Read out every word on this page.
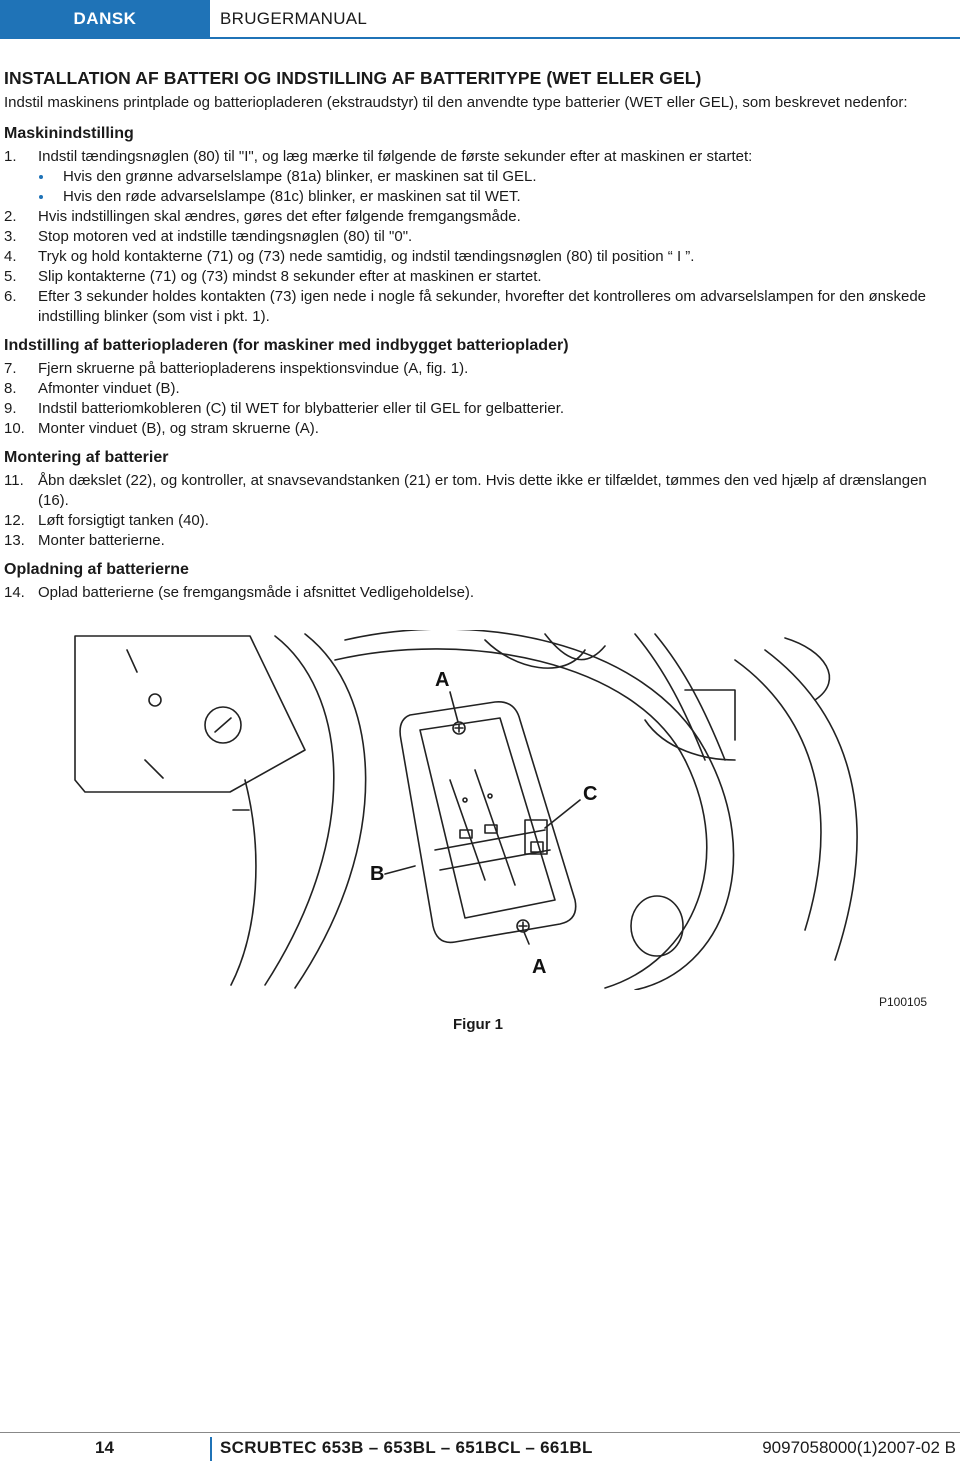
DANSK	BRUGERMANUAL
INSTALLATION AF BATTERI OG INDSTILLING AF BATTERITYPE (WET ELLER GEL)

Indstil maskinens printplade og batteriopladeren (ekstraudstyr) til den anvendte type batterier (WET eller GEL), som beskrevet nedenfor:

Maskinindstilling
1. Indstil tændingsnøglen (80) til "I", og læg mærke til følgende de første sekunder efter at maskinen er startet:
Hvis den grønne advarselslampe (81a) blinker, er maskinen sat til GEL.
Hvis den røde advarselslampe (81c) blinker, er maskinen sat til WET.
2. Hvis indstillingen skal ændres, gøres det efter følgende fremgangsmåde.
3. Stop motoren ved at indstille tændingsnøglen (80) til "0".
4. Tryk og hold kontakterne (71) og (73) nede samtidig, og indstil tændingsnøglen (80) til position “ I ”.
5. Slip kontakterne (71) og (73) mindst 8 sekunder efter at maskinen er startet.
6. Efter 3 sekunder holdes kontakten (73) igen nede i nogle få sekunder, hvorefter det kontrolleres om advarselslampen for den ønskede indstilling blinker (som vist i pkt. 1).
Indstilling af batteriopladeren (for maskiner med indbygget batterioplader)
7. Fjern skruerne på batteriopladerens inspektionsvindue (A, fig. 1).
8. Afmonter vinduet (B).
9. Indstil batteriomkobleren (C) til WET for blybatterier eller til GEL for gelbatterier.
10. Monter vinduet (B), og stram skruerne (A).
Montering af batterier
11. Åbn dækslet (22), og kontroller, at snavsevandstanken (21) er tom. Hvis dette ikke er tilfældet, tømmes den ved hjælp af drænslangen (16).
12. Løft forsigtigt tanken (40).
13. Monter batterierne.
Opladning af batterierne
14. Oplad batterierne (se fremgangsmåde i afsnittet Vedligeholdelse).
A
C
B
A
P100105
Figur 1
14	SCRUBTEC 653B – 653BL – 651BCL – 661BL	9097058000(1)2007-02 B
